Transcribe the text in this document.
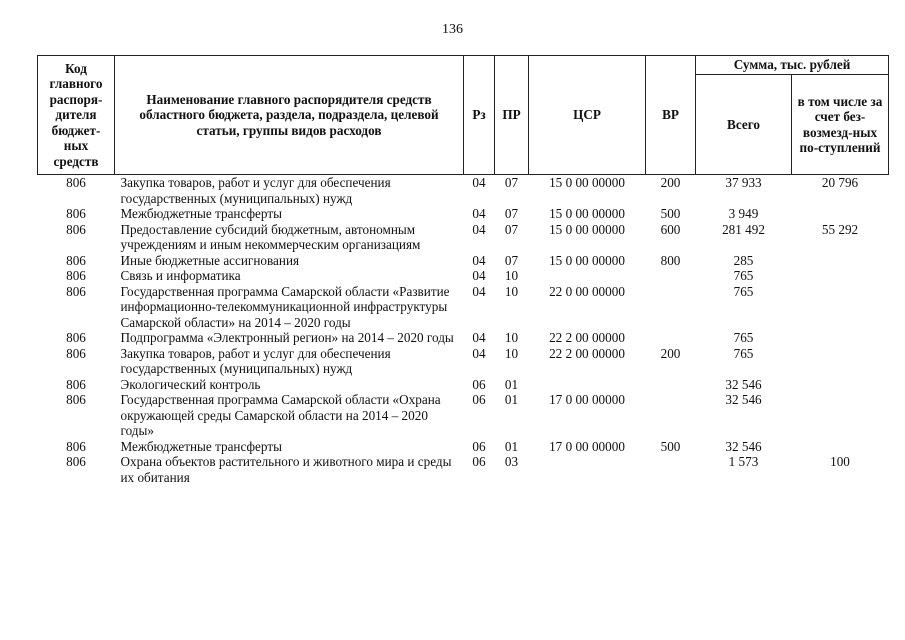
136
Код главного распоря-дителя бюджет-ных средств	Наименование главного распорядителя средств областного бюджета, раздела, подраздела, целевой статьи, группы видов расходов	Рз	ПР	ЦСР	ВР	Сумма, тыс. рублей	
						Всего	в том числе за счет без-возмезд-ных по-ступлений
806	Закупка товаров, работ и услуг для обеспечения государственных (муниципальных) нужд	04	07	15 0 00 00000	200	37 933	20 796
806	Межбюджетные трансферты	04	07	15 0 00 00000	500	3 949	
806	Предоставление субсидий бюджетным, автономным учреждениям и иным некоммерческим организациям	04	07	15 0 00 00000	600	281 492	55 292
806	Иные бюджетные ассигнования	04	07	15 0 00 00000	800	285	
806	Связь и информатика	04	10			765	
806	Государственная программа Самарской области «Развитие информационно-телекоммуникационной инфраструктуры Самарской области» на 2014 – 2020 годы	04	10	22 0 00 00000		765	
806	Подпрограмма «Электронный регион» на 2014 – 2020 годы	04	10	22 2 00 00000		765	
806	Закупка товаров, работ и услуг для обеспечения государственных (муниципальных) нужд	04	10	22 2 00 00000	200	765	
806	Экологический контроль	06	01			32 546	
806	Государственная программа Самарской области «Охрана окружающей среды Самарской области на 2014 – 2020 годы»	06	01	17 0 00 00000		32 546	
806	Межбюджетные трансферты	06	01	17 0 00 00000	500	32 546	
806	Охрана объектов растительного и животного мира и среды их обитания	06	03			1 573	100
